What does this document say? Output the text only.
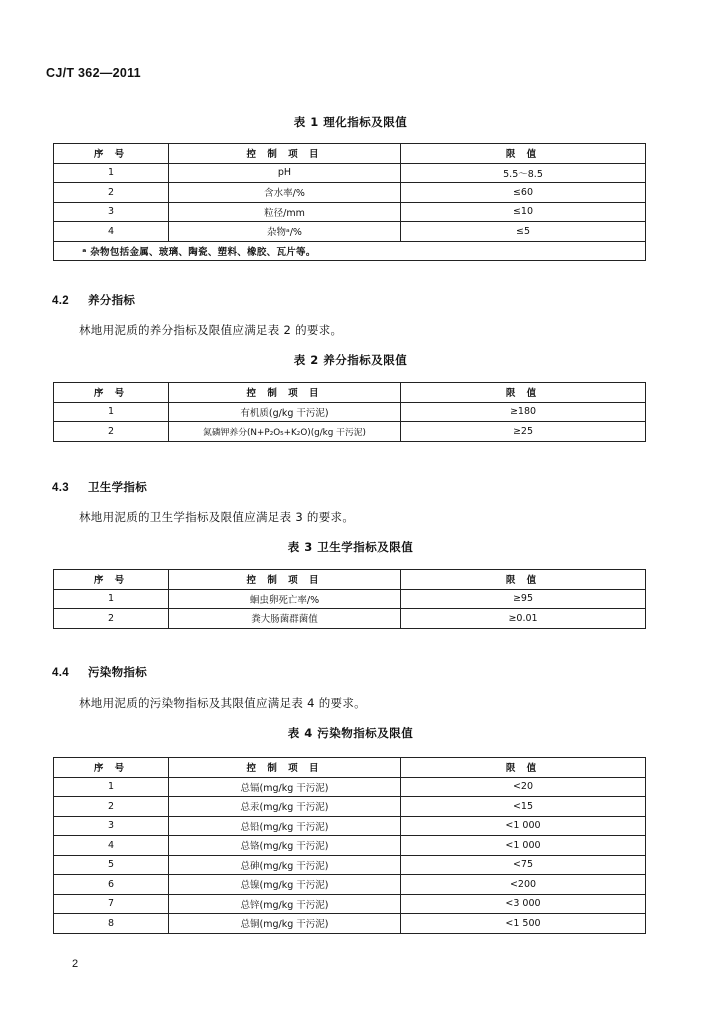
CJ/T 362—2011
表 1 理化指标及限值
序 号	控 制 项 目	限 值
1	pH	5.5～8.5
2	含水率/%	≤60
3	粒径/mm	≤10
4	杂物ᵃ/%	≤5
ᵃ 杂物包括金属、玻璃、陶瓷、塑料、橡胶、瓦片等。		
4.2 养分指标
林地用泥质的养分指标及限值应满足表 2 的要求。
表 2 养分指标及限值
序 号	控 制 项 目	限 值
1	有机质(g/kg 干污泥)	≥180
2	氮磷钾养分(N+P₂O₅+K₂O)(g/kg 干污泥)	≥25
4.3 卫生学指标
林地用泥质的卫生学指标及限值应满足表 3 的要求。
表 3 卫生学指标及限值
序 号	控 制 项 目	限 值
1	蛔虫卵死亡率/%	≥95
2	粪大肠菌群菌值	≥0.01
4.4 污染物指标
林地用泥质的污染物指标及其限值应满足表 4 的要求。
表 4 污染物指标及限值
序 号	控 制 项 目	限 值
1	总镉(mg/kg 干污泥)	<20
2	总汞(mg/kg 干污泥)	<15
3	总铅(mg/kg 干污泥)	<1 000
4	总铬(mg/kg 干污泥)	<1 000
5	总砷(mg/kg 干污泥)	<75
6	总镍(mg/kg 干污泥)	<200
7	总锌(mg/kg 干污泥)	<3 000
8	总铜(mg/kg 干污泥)	<1 500
2
